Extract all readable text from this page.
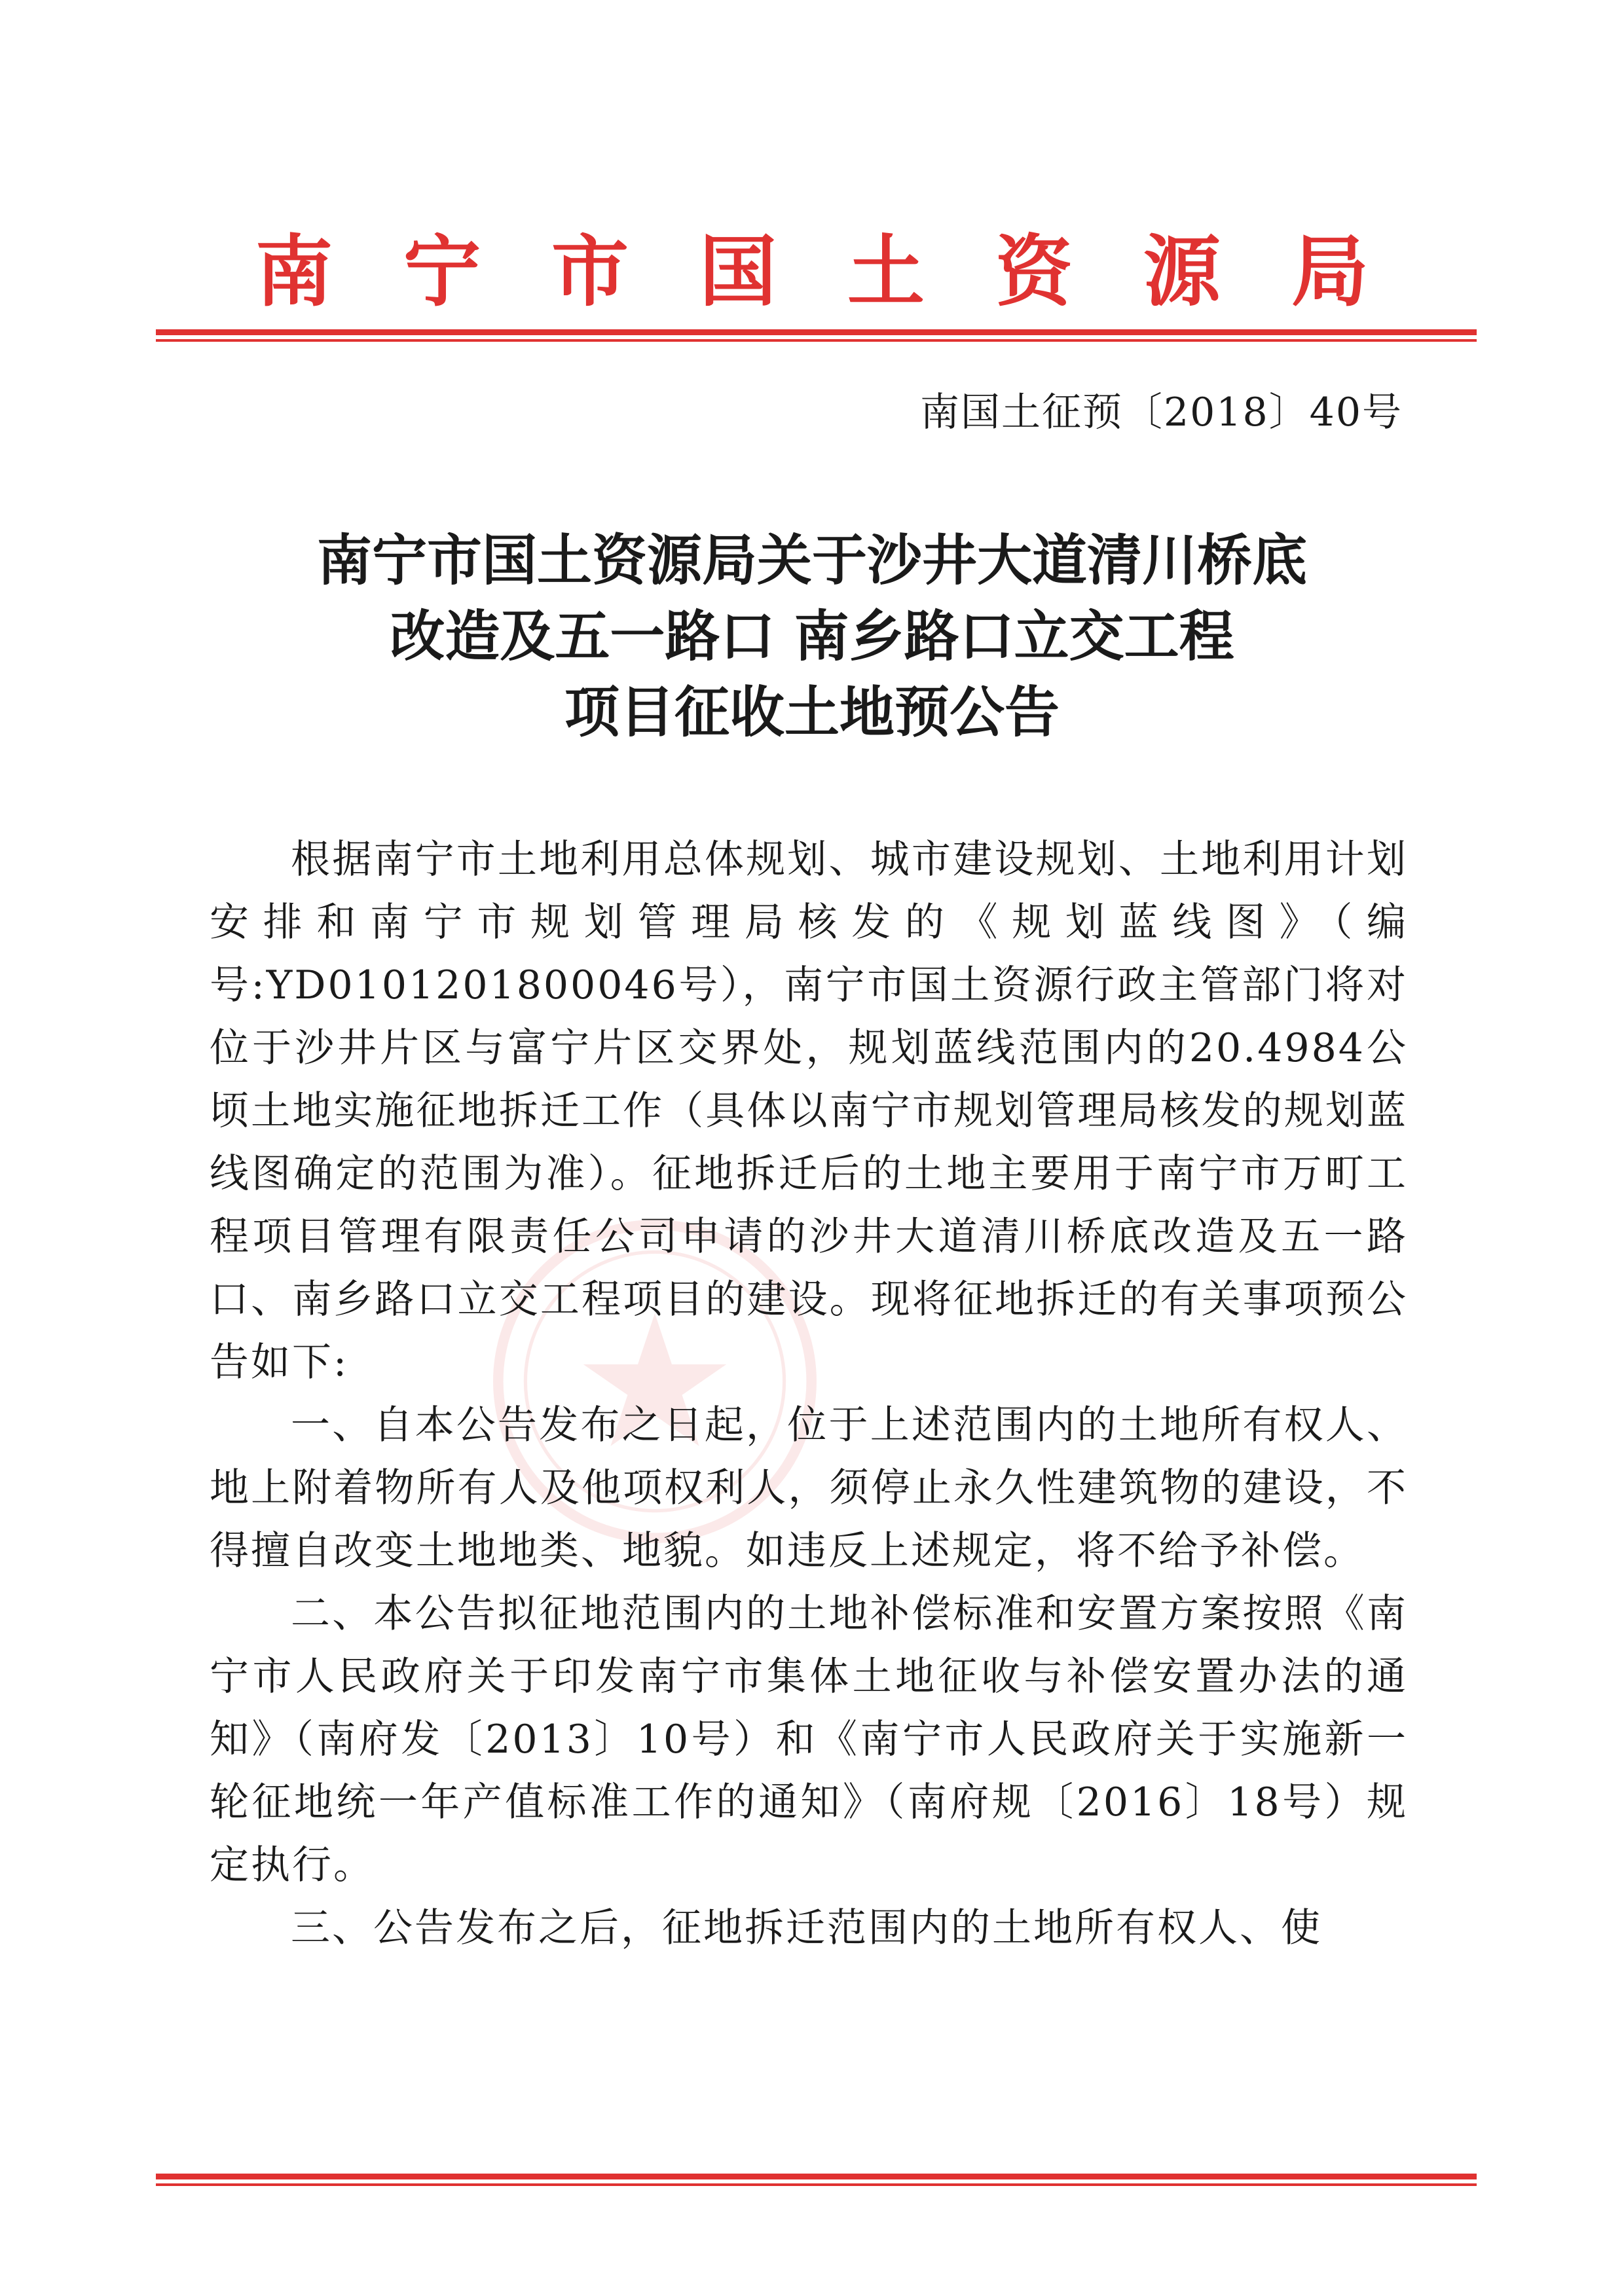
南宁市国土资源局
南国土征预〔2018〕40号
南宁市国土资源局关于沙井大道清川桥底
改造及五一路口 南乡路口立交工程
项目征收土地预公告

根据南宁市土地利用总体规划、城市建设规划、土地利用计划安排和南宁市规划管理局核发的《规划蓝线图》（编号:YD0101201800046号），南宁市国土资源行政主管部门将对位于沙井片区与富宁片区交界处，规划蓝线范围内的20.4984公顷土地实施征地拆迁工作（具体以南宁市规划管理局核发的规划蓝线图确定的范围为准）。征地拆迁后的土地主要用于南宁市万町工程项目管理有限责任公司申请的沙井大道清川桥底改造及五一路口、南乡路口立交工程项目的建设。现将征地拆迁的有关事项预公告如下:

一、自本公告发布之日起，位于上述范围内的土地所有权人、地上附着物所有人及他项权利人，须停止永久性建筑物的建设，不得擅自改变土地地类、地貌。如违反上述规定，将不给予补偿。

二、本公告拟征地范围内的土地补偿标准和安置方案按照《南宁市人民政府关于印发南宁市集体土地征收与补偿安置办法的通知》（南府发〔2013〕10号）和《南宁市人民政府关于实施新一轮征地统一年产值标准工作的通知》（南府规〔2016〕18号）规定执行。

三、公告发布之后，征地拆迁范围内的土地所有权人、使
